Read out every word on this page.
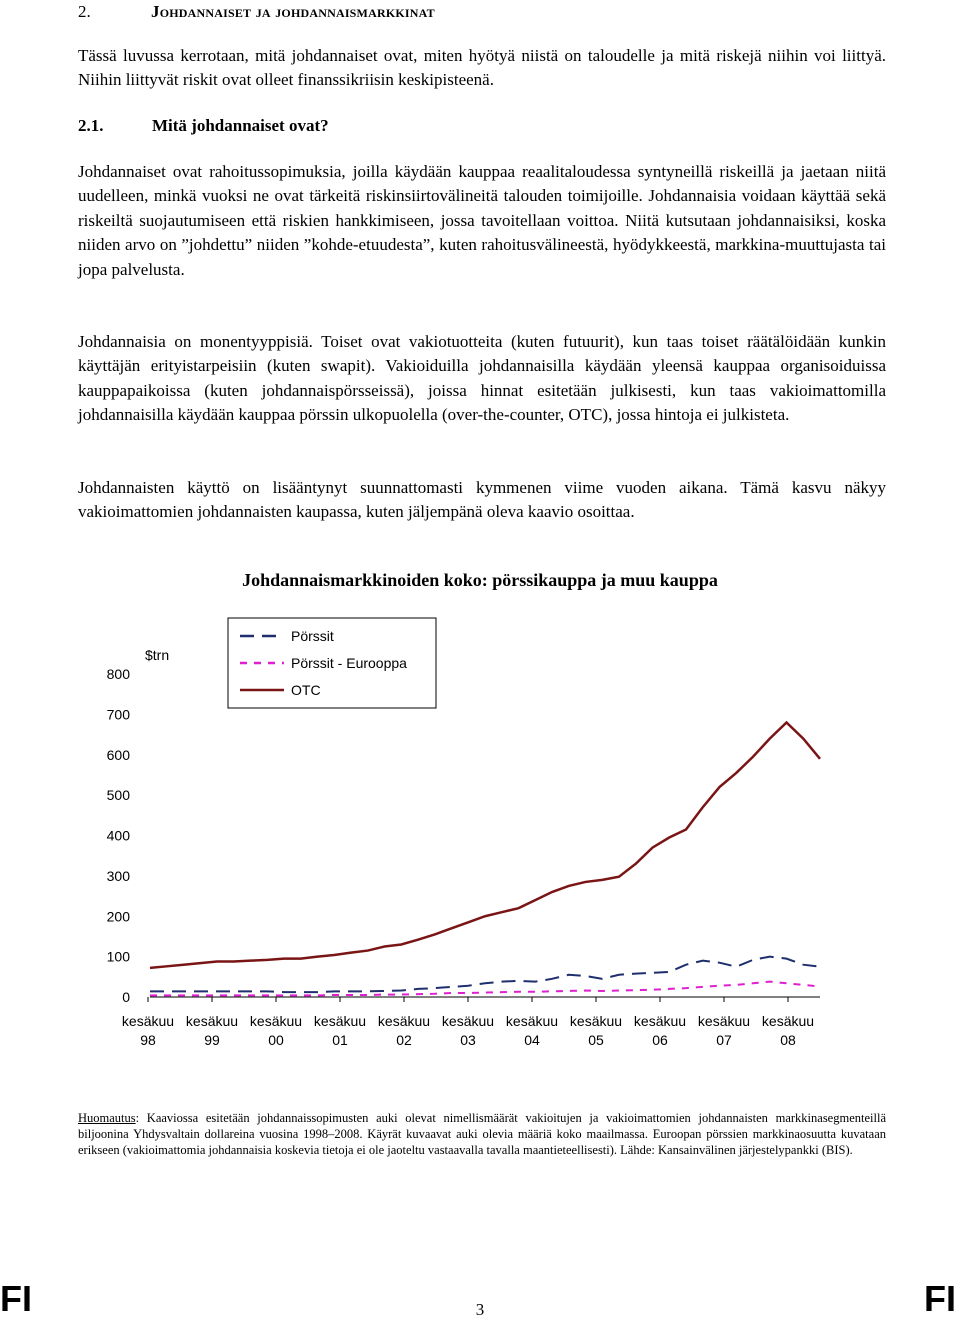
2.	Johdannaiset ja johdannaismarkkinat

Tässä luvussa kerrotaan, mitä johdannaiset ovat, miten hyötyä niistä on taloudelle ja mitä riskejä niihin voi liittyä. Niihin liittyvät riskit ovat olleet finanssikriisin keskipisteenä.

2.1.	Mitä johdannaiset ovat?

Johdannaiset ovat rahoitussopimuksia, joilla käydään kauppaa reaalitaloudessa syntyneillä riskeillä ja jaetaan niitä uudelleen, minkä vuoksi ne ovat tärkeitä riskinsiirtovälineitä talouden toimijoille. Johdannaisia voidaan käyttää sekä riskeiltä suojautumiseen että riskien hankkimiseen, jossa tavoitellaan voittoa. Niitä kutsutaan johdannaisiksi, koska niiden arvo on ”johdettu” niiden ”kohde-etuudesta”, kuten rahoitusvälineestä, hyödykkeestä, markkina-muuttujasta tai jopa palvelusta.

Johdannaisia on monentyyppisiä. Toiset ovat vakiotuotteita (kuten futuurit), kun taas toiset räätälöidään kunkin käyttäjän erityistarpeisiin (kuten swapit). Vakioiduilla johdannaisilla käydään yleensä kauppaa organisoiduissa kauppapaikoissa (kuten johdannaispörsseissä), joissa hinnat esitetään julkisesti, kun taas vakioimattomilla johdannaisilla käydään kauppaa pörssin ulkopuolella (over-the-counter, OTC), jossa hintoja ei julkisteta.

Johdannaisten käyttö on lisääntynyt suunnattomasti kymmenen viime vuoden aikana. Tämä kasvu näkyy vakioimattomien johdannaisten kaupassa, kuten jäljempänä oleva kaavio osoittaa.

Johdannaismarkkinoiden koko: pörssikauppa ja muu kauppa
0
100
200
300
400
500
600
700
800
kesäkuu
98
kesäkuu
99
kesäkuu
00
kesäkuu
01
kesäkuu
02
kesäkuu
03
kesäkuu
04
kesäkuu
05
kesäkuu
06
kesäkuu
07
kesäkuu
08
$trn
Pörssit
Pörssit - Eurooppa
OTC

Huomautus: Kaaviossa esitetään johdannaissopimusten auki olevat nimellismäärät vakioitujen ja vakioimattomien johdannaisten markkinasegmenteillä biljoonina Yhdysvaltain dollareina vuosina 1998–2008. Käyrät kuvaavat auki olevia määriä koko maailmassa. Euroopan pörssien markkinaosuutta kuvataan erikseen (vakioimattomia johdannaisia koskevia tietoja ei ole jaoteltu vastaavalla tavalla maantieteellisesti). Lähde: Kansainvälinen järjestelypankki (BIS).

FI	3	FI
